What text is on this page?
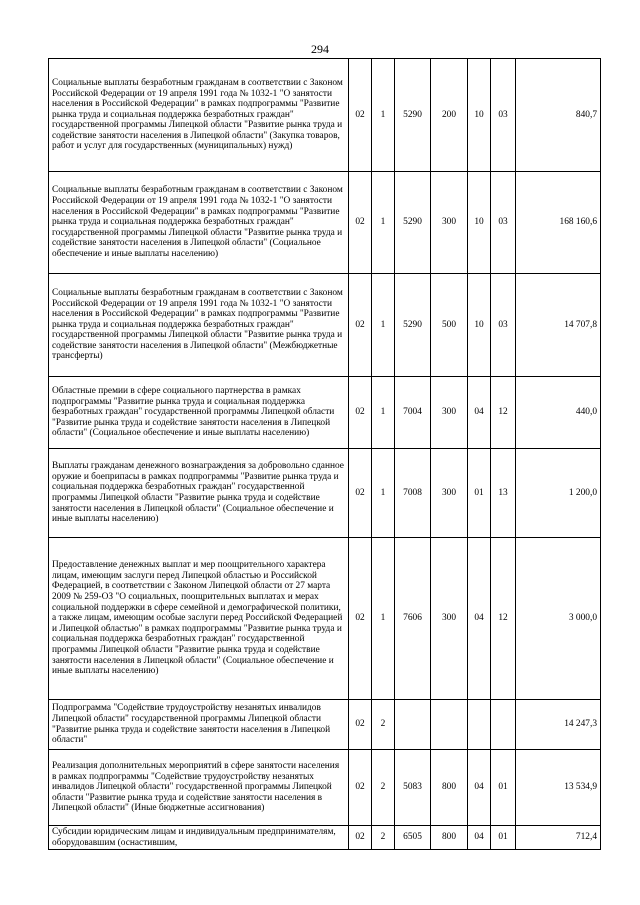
294
Социальные выплаты безработным гражданам в соответствии с Законом Российской Федерации от 19 апреля 1991 года № 1032-1 "О занятости населения в Российской Федерации" в рамках подпрограммы "Развитие рынка труда и социальная поддержка безработных граждан" государственной программы Липецкой области "Развитие рынка труда и содействие занятости населения в Липецкой области" (Закупка товаров, работ и услуг для государственных (муниципальных) нужд)	02	1	5290	200	10	03	840,7
Социальные выплаты безработным гражданам в соответствии с Законом Российской Федерации от 19 апреля 1991 года № 1032-1 "О занятости населения в Российской Федерации" в рамках подпрограммы "Развитие рынка труда и социальная поддержка безработных граждан" государственной программы Липецкой области "Развитие рынка труда и содействие занятости населения в Липецкой области" (Социальное обеспечение и иные выплаты населению)	02	1	5290	300	10	03	168 160,6
Социальные выплаты безработным гражданам в соответствии с Законом Российской Федерации от 19 апреля 1991 года № 1032-1 "О занятости населения в Российской Федерации" в рамках подпрограммы "Развитие рынка труда и социальная поддержка безработных граждан" государственной программы Липецкой области "Развитие рынка труда и содействие занятости населения в Липецкой области" (Межбюджетные трансферты)	02	1	5290	500	10	03	14 707,8
Областные премии в сфере социального партнерства в рамках подпрограммы "Развитие рынка труда и социальная поддержка безработных граждан" государственной программы Липецкой области "Развитие рынка труда и содействие занятости населения в Липецкой области" (Социальное обеспечение и иные выплаты населению)	02	1	7004	300	04	12	440,0
Выплаты гражданам денежного вознаграждения за добровольно сданное оружие и боеприпасы в рамках подпрограммы "Развитие рынка труда и социальная поддержка безработных граждан" государственной программы Липецкой области "Развитие рынка труда и содействие занятости населения в Липецкой области" (Социальное обеспечение и иные выплаты населению)	02	1	7008	300	01	13	1 200,0
Предоставление денежных выплат и мер поощрительного характера лицам, имеющим заслуги перед Липецкой областью и Российской Федерацией, в соответствии с Законом Липецкой области от 27 марта 2009 № 259-ОЗ "О социальных, поощрительных выплатах и мерах социальной поддержки в сфере семейной и демографической политики, а также лицам, имеющим особые заслуги перед Российской Федерацией и Липецкой областью" в рамках подпрограммы "Развитие рынка труда и социальная поддержка безработных граждан" государственной программы Липецкой области "Развитие рынка труда и содействие занятости населения в Липецкой области" (Социальное обеспечение и иные выплаты населению)	02	1	7606	300	04	12	3 000,0
Подпрограмма "Содействие трудоустройству незанятых инвалидов Липецкой области" государственной программы Липецкой области "Развитие рынка труда и содействие занятости населения в Липецкой области"	02	2					14 247,3
Реализация дополнительных мероприятий в сфере занятости населения в рамках подпрограммы "Содействие трудоустройству незанятых инвалидов Липецкой области" государственной программы Липецкой области "Развитие рынка труда и содействие занятости населения в Липецкой области" (Иные бюджетные ассигнования)	02	2	5083	800	04	01	13 534,9
Субсидии юридическим лицам и индивидуальным предпринимателям, оборудовавшим (оснастившим,	02	2	6505	800	04	01	712,4
